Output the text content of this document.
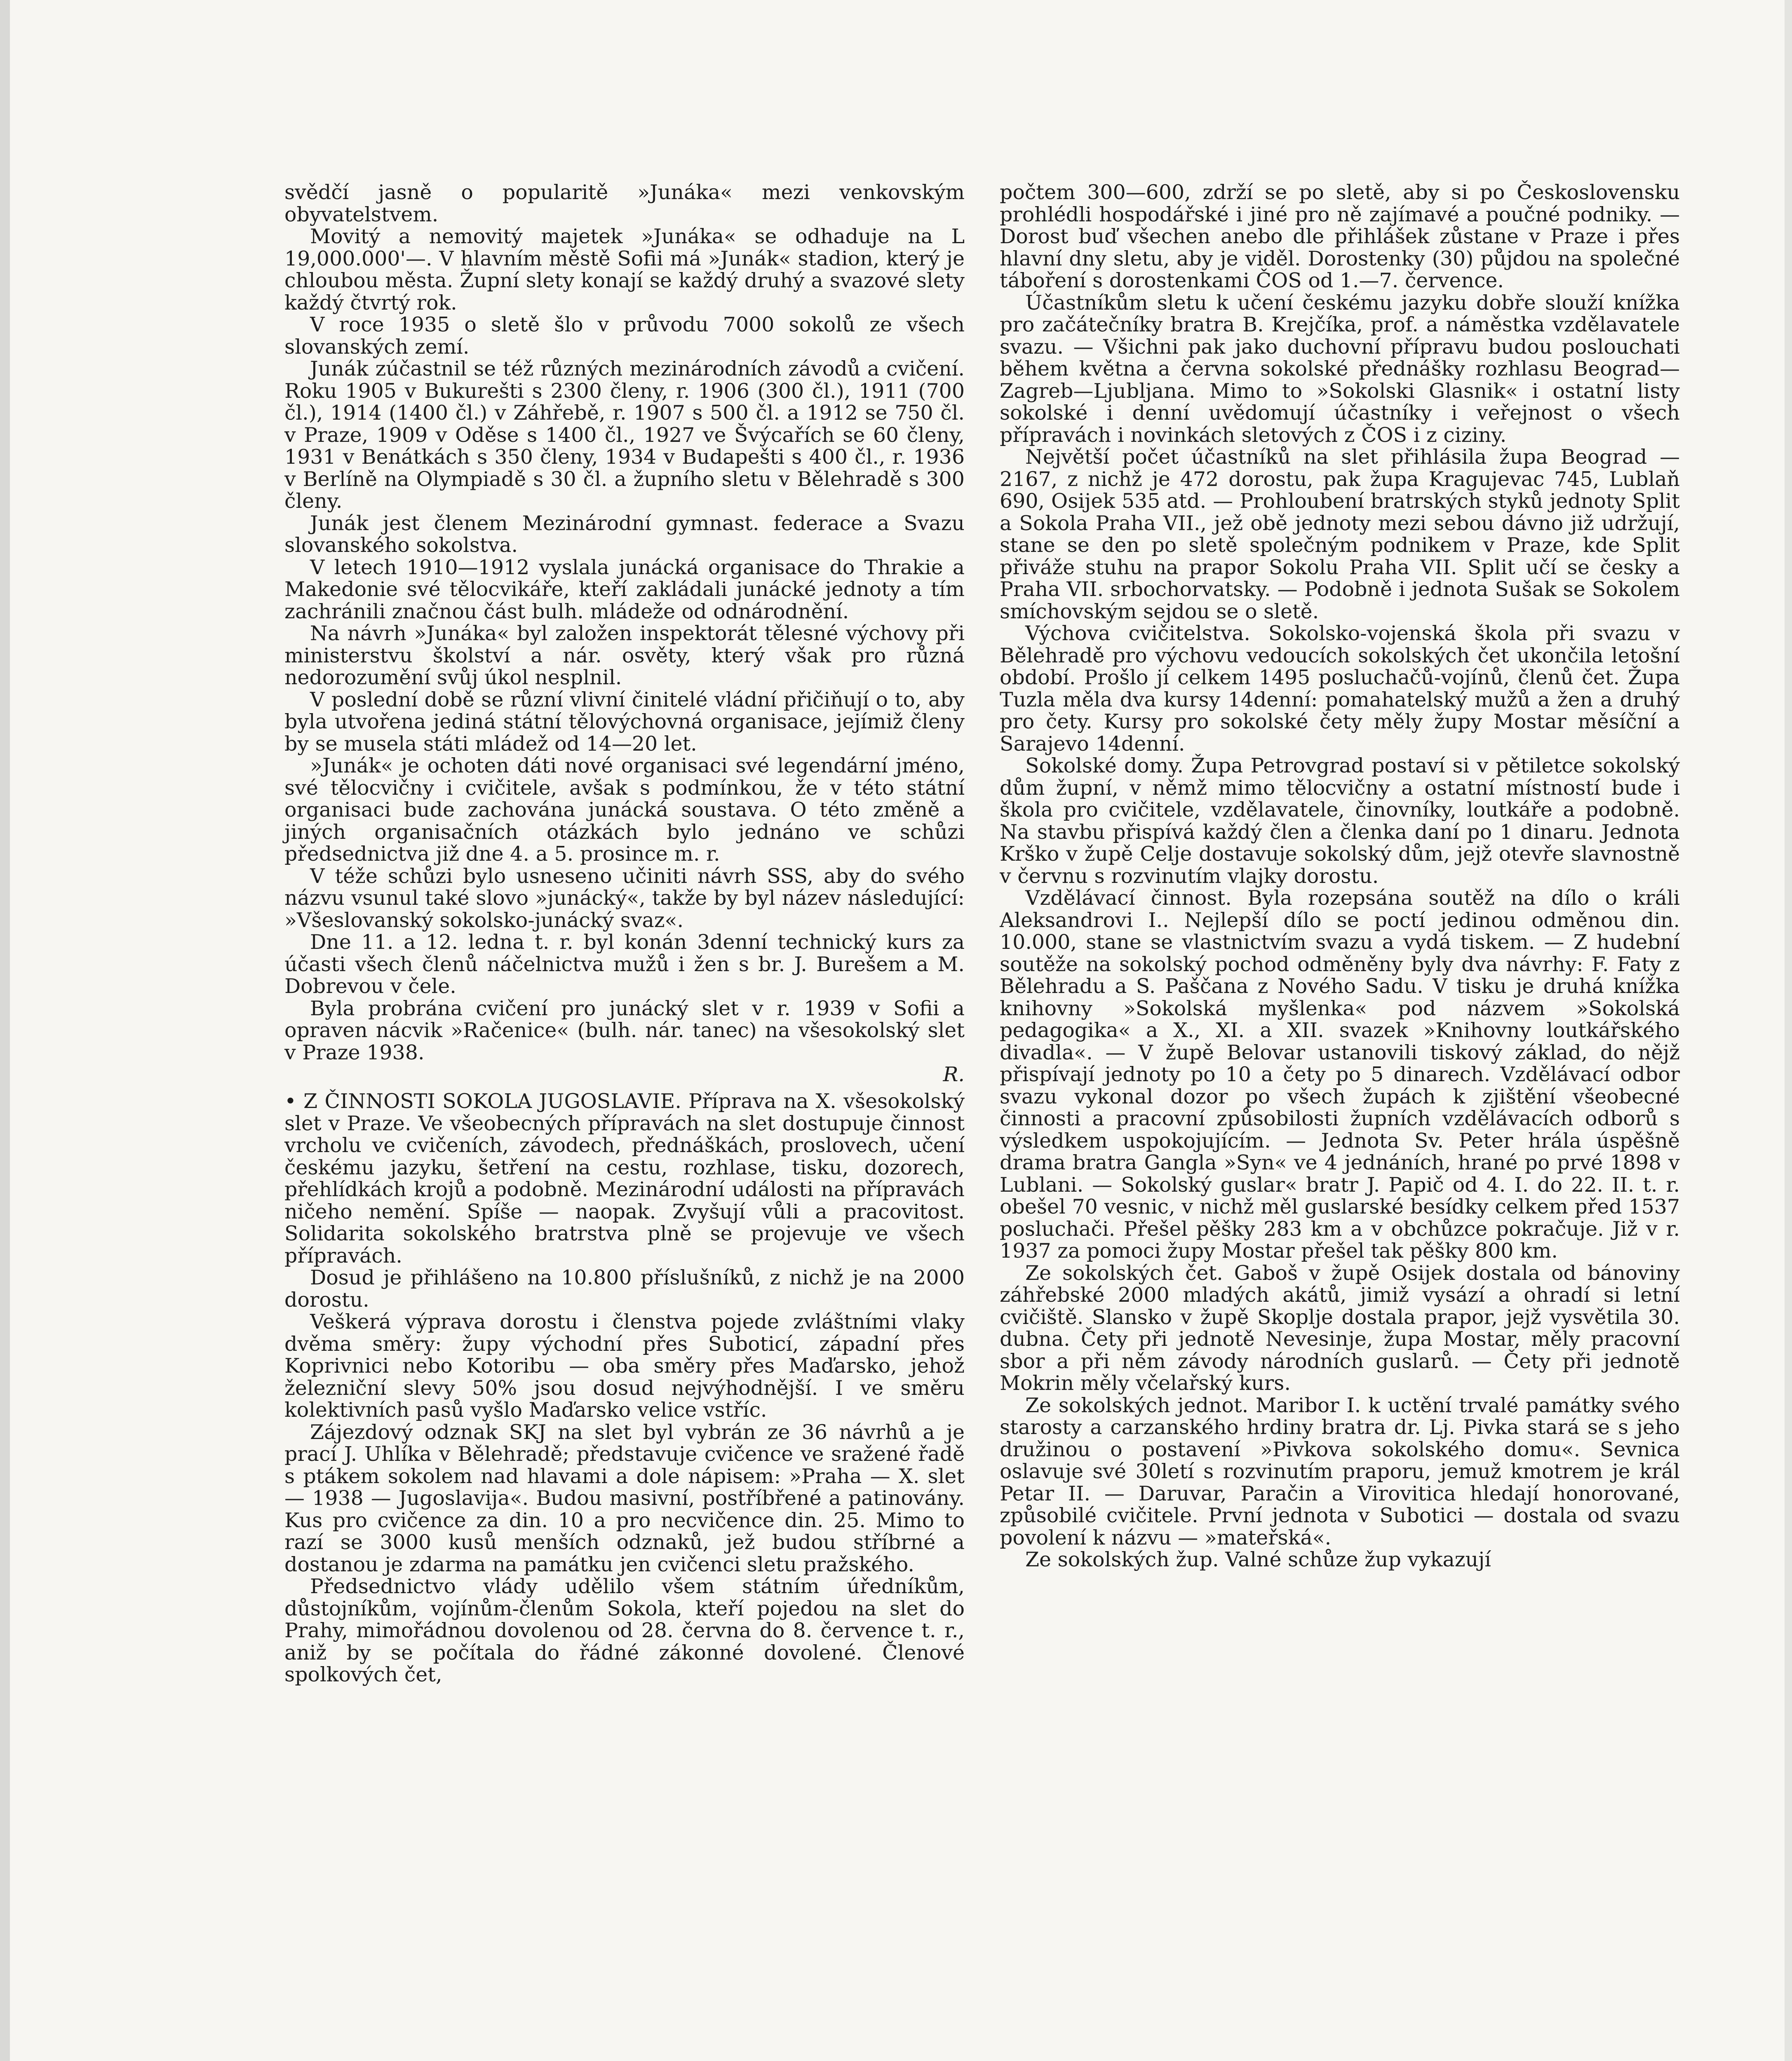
svědčí jasně o popularitě »Junáka« mezi venkovským obyvatelstvem.

Movitý a nemovitý majetek »Junáka« se odhaduje na L 19,000.000'—. V hlavním městě Sofii má »Junák« stadion, který je chloubou města. Župní slety konají se každý druhý a svazové slety každý čtvrtý rok.

V roce 1935 o sletě šlo v průvodu 7000 sokolů ze všech slovanských zemí.

Junák zúčastnil se též různých mezinárodních závodů a cvičení. Roku 1905 v Bukurešti s 2300 členy, r. 1906 (300 čl.), 1911 (700 čl.), 1914 (1400 čl.) v Záhřebě, r. 1907 s 500 čl. a 1912 se 750 čl. v Praze, 1909 v Oděse s 1400 čl., 1927 ve Švýcařích se 60 členy, 1931 v Benátkách s 350 členy, 1934 v Budapešti s 400 čl., r. 1936 v Berlíně na Olympiadě s 30 čl. a župního sletu v Bělehradě s 300 členy.

Junák jest členem Mezinárodní gymnast. federace a Svazu slovanského sokolstva.

V letech 1910—1912 vyslala junácká organisace do Thrakie a Makedonie své tělocvikáře, kteří zakládali junácké jednoty a tím zachránili značnou část bulh. mládeže od odnárodnění.

Na návrh »Junáka« byl založen inspektorát tělesné výchovy při ministerstvu školství a nár. osvěty, který však pro různá nedorozumění svůj úkol nesplnil.

V poslední době se různí vlivní činitelé vládní přičiňují o to, aby byla utvořena jediná státní tělovýchovná organisace, jejímiž členy by se musela státi mládež od 14—20 let.

»Junák« je ochoten dáti nové organisaci své legendární jméno, své tělocvičny i cvičitele, avšak s podmínkou, že v této státní organisaci bude zachována junácká soustava. O této změně a jiných organisačních otázkách bylo jednáno ve schůzi předsednictva již dne 4. a 5. prosince m. r.

V téže schůzi bylo usneseno učiniti návrh SSS, aby do svého názvu vsunul také slovo »junácký«, takže by byl název následující: »Všeslovanský sokolsko-junácký svaz«.

Dne 11. a 12. ledna t. r. byl konán 3denní technický kurs za účasti všech členů náčelnictva mužů i žen s br. J. Burešem a M. Dobrevou v čele.

Byla probrána cvičení pro junácký slet v r. 1939 v Sofii a opraven nácvik »Račenice« (bulh. nár. tanec) na všesokolský slet v Praze 1938.

R.

• Z ČINNOSTI SOKOLA JUGOSLAVIE. Příprava na X. všesokolský slet v Praze. Ve všeobecných přípravách na slet dostupuje činnost vrcholu ve cvičeních, závodech, přednáškách, proslovech, učení českému jazyku, šetření na cestu, rozhlase, tisku, dozorech, přehlídkách krojů a podobně. Mezinárodní události na přípravách ničeho nemění. Spíše — naopak. Zvyšují vůli a pracovitost. Solidarita sokolského bratrstva plně se projevuje ve všech přípravách.

Dosud je přihlášeno na 10.800 příslušníků, z nichž je na 2000 dorostu.

Veškerá výprava dorostu i členstva pojede zvláštními vlaky dvěma směry: župy východní přes Suboticí, západní přes Koprivnici nebo Kotoribu — oba směry přes Maďarsko, jehož železniční slevy 50% jsou dosud nejvýhodnější. I ve směru kolektivních pasů vyšlo Maďarsko velice vstříc.

Zájezdový odznak SKJ na slet byl vybrán ze 36 návrhů a je prací J. Uhlíka v Bělehradě; představuje cvičence ve sražené řadě s ptákem sokolem nad hlavami a dole nápisem: »Praha — X. slet — 1938 — Jugoslavija«. Budou masivní, postříbřené a patinovány. Kus pro cvičence za din. 10 a pro necvičence din. 25. Mimo to razí se 3000 kusů menších odznaků, jež budou stříbrné a dostanou je zdarma na památku jen cvičenci sletu pražského.

Předsednictvo vlády udělilo všem státním úředníkům, důstojníkům, vojínům-členům Sokola, kteří pojedou na slet do Prahy, mimořádnou dovolenou od 28. června do 8. července t. r., aniž by se počítala do řádné zákonné dovolené. Členové spolkových čet,

počtem 300—600, zdrží se po sletě, aby si po Československu prohlédli hospodářské i jiné pro ně zajímavé a poučné podniky. — Dorost buď všechen anebo dle přihlášek zůstane v Praze i přes hlavní dny sletu, aby je viděl. Dorostenky (30) půjdou na společné táboření s dorostenkami ČOS od 1.—7. července.

Účastníkům sletu k učení českému jazyku dobře slouží knížka pro začátečníky bratra B. Krejčíka, prof. a náměstka vzdělavatele svazu. — Všichni pak jako duchovní přípravu budou poslouchati během května a června sokolské přednášky rozhlasu Beograd—Zagreb—Ljubljana. Mimo to »Sokolski Glasnik« i ostatní listy sokolské i denní uvědomují účastníky i veřejnost o všech přípravách i novinkách sletových z ČOS i z ciziny.

Největší počet účastníků na slet přihlásila župa Beograd — 2167, z nichž je 472 dorostu, pak župa Kragujevac 745, Lublaň 690, Osijek 535 atd. — Prohloubení bratrských styků jednoty Split a Sokola Praha VII., jež obě jednoty mezi sebou dávno již udržují, stane se den po sletě společným podnikem v Praze, kde Split přiváže stuhu na prapor Sokolu Praha VII. Split učí se česky a Praha VII. srbochorvatsky. — Podobně i jednota Sušak se Sokolem smíchovským sejdou se o sletě.

Výchova cvičitelstva. Sokolsko-vojenská škola při svazu v Bělehradě pro výchovu vedoucích sokolských čet ukončila letošní období. Prošlo jí celkem 1495 posluchačů-vojínů, členů čet. Župa Tuzla měla dva kursy 14denní: pomahatelský mužů a žen a druhý pro čety. Kursy pro sokolské čety měly župy Mostar měsíční a Sarajevo 14denní.

Sokolské domy. Župa Petrovgrad postaví si v pětiletce sokolský dům župní, v němž mimo tělocvičny a ostatní místností bude i škola pro cvičitele, vzdělavatele, činovníky, loutkáře a podobně. Na stavbu přispívá každý člen a členka daní po 1 dinaru. Jednota Krško v župě Celje dostavuje sokolský dům, jejž otevře slavnostně v červnu s rozvinutím vlajky dorostu.

Vzdělávací činnost. Byla rozepsána soutěž na dílo o králi Aleksandrovi I.. Nejlepší dílo se poctí jedinou odměnou din. 10.000, stane se vlastnictvím svazu a vydá tiskem. — Z hudební soutěže na sokolský pochod odměněny byly dva návrhy: F. Faty z Bělehradu a S. Paščana z Nového Sadu. V tisku je druhá knížka knihovny »Sokolská myšlenka« pod názvem »Sokolská pedagogika« a X., XI. a XII. svazek »Knihovny loutkářského divadla«. — V župě Belovar ustanovili tiskový základ, do nějž přispívají jednoty po 10 a čety po 5 dinarech. Vzdělávací odbor svazu vykonal dozor po všech župách k zjištění všeobecné činnosti a pracovní způsobilosti župních vzdělávacích odborů s výsledkem uspokojujícím. — Jednota Sv. Peter hrála úspěšně drama bratra Gangla »Syn« ve 4 jednáních, hrané po prvé 1898 v Lublani. — Sokolský guslar« bratr J. Papič od 4. I. do 22. II. t. r. obešel 70 vesnic, v nichž měl guslarské besídky celkem před 1537 posluchači. Přešel pěšky 283 km a v obchůzce pokračuje. Již v r. 1937 za pomoci župy Mostar přešel tak pěšky 800 km.

Ze sokolských čet. Gaboš v župě Osijek dostala od bánoviny záhřebské 2000 mladých akátů, jimiž vysází a ohradí si letní cvičiště. Slansko v župě Skoplje dostala prapor, jejž vysvětila 30. dubna. Čety při jednotě Nevesinje, župa Mostar, měly pracovní sbor a při něm závody národních guslarů. — Čety při jednotě Mokrin měly včelařský kurs.

Ze sokolských jednot. Maribor I. k uctění trvalé památky svého starosty a carzanského hrdiny bratra dr. Lj. Pivka stará se s jeho družinou o postavení »Pivkova sokolského domu«. Sevnica oslavuje své 30letí s rozvinutím praporu, jemuž kmotrem je král Petar II. — Daruvar, Paračin a Virovitica hledají honorované, způsobilé cvičitele. První jednota v Subotici — dostala od svazu povolení k názvu — »mateřská«.

Ze sokolských žup. Valné schůze žup vykazují
